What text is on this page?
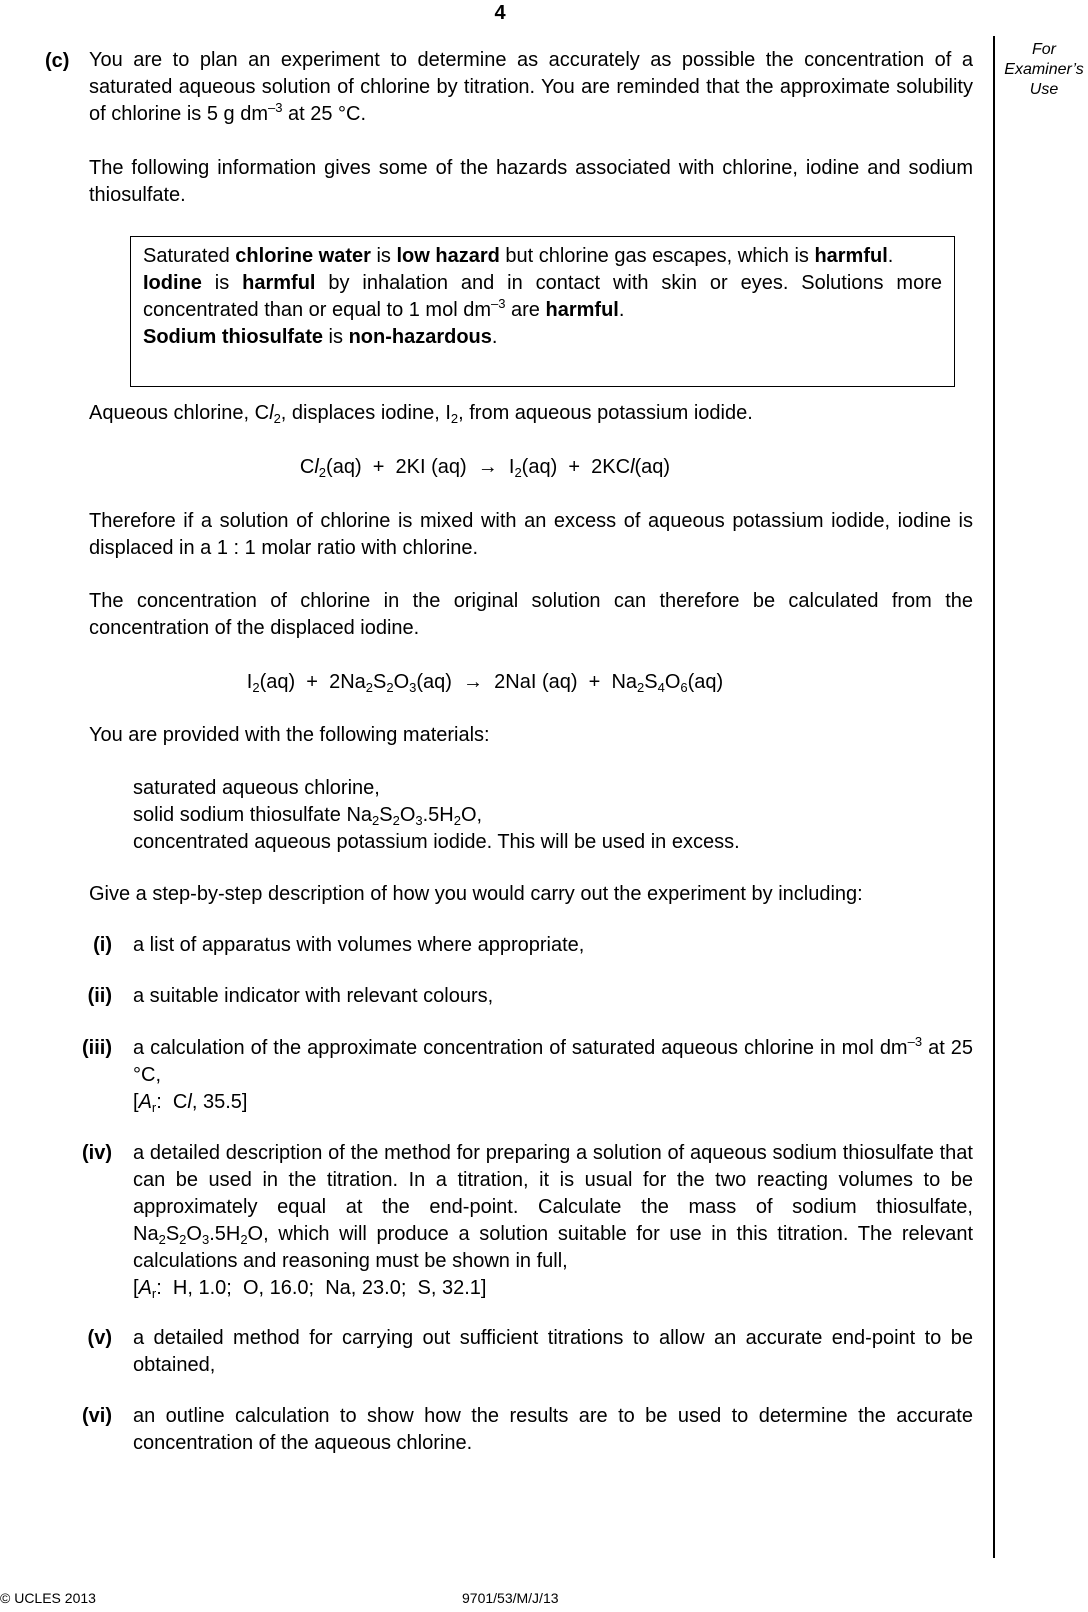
4
For
Examiner’s
Use
(c) You are to plan an experiment to determine as accurately as possible the concentration of a saturated aqueous solution of chlorine by titration. You are reminded that the approximate solubility of chlorine is 5 g $dm^{-3}$ at 25 °C.
The following information gives some of the hazards associated with chlorine, iodine and sodium thiosulfate.
Saturated chlorine water is low hazard but chlorine gas escapes, which is harmful.
Iodine is harmful by inhalation and in contact with skin or eyes. Solutions more concentrated than or equal to 1 mol $dm^{-3}$ are harmful.
Sodium thiosulfate is non-hazardous.
Aqueous chlorine, $Cl_2$, displaces iodine, $I_2$, from aqueous potassium iodide.
$Cl_2(aq) + 2KI$ $(aq) \to I_2(aq) + 2KCl(aq)$
Therefore if a solution of chlorine is mixed with an excess of aqueous potassium iodide, iodine is displaced in a 1 : 1 molar ratio with chlorine.
The concentration of chlorine in the original solution can therefore be calculated from the concentration of the displaced iodine.
$I_2(aq) + 2Na_2S_2O_3(aq) \to 2NaI$ $(aq) + Na_2S_4O_6(aq)$
You are provided with the following materials:
saturated aqueous chlorine,
solid sodium thiosulfate $Na_2S_2O_3.5H_2O$,
concentrated aqueous potassium iodide. This will be used in excess.
Give a step-by-step description of how you would carry out the experiment by including:
(i) a list of apparatus with volumes where appropriate,
(ii) a suitable indicator with relevant colours,
(iii) a calculation of the approximate concentration of saturated aqueous chlorine in mol $dm^{-3}$ at 25 °C,
[$A_r$:  Cl, 35.5]
(iv) a detailed description of the method for preparing a solution of aqueous sodium thiosulfate that can be used in the titration. In a titration, it is usual for the two reacting volumes to be approximately equal at the end-point. Calculate the mass of sodium thiosulfate, $Na_2S_2O_3.5H_2O$, which will produce a solution suitable for use in this titration. The relevant calculations and reasoning must be shown in full,
[$A_r$:  H, 1.0;  O, 16.0;  Na, 23.0;  S, 32.1]
(v) a detailed method for carrying out sufficient titrations to allow an accurate end-point to be obtained,
(vi) an outline calculation to show how the results are to be used to determine the accurate concentration of the aqueous chlorine.
© UCLES 2013	9701/53/M/J/13
